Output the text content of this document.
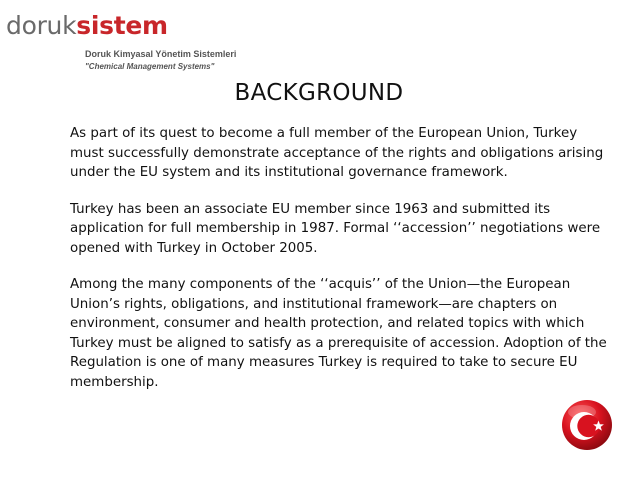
doruksistem
Doruk Kimyasal Yönetim Sistemleri
"Chemical Management Systems"
BACKGROUND

As part of its quest to become a full member of the European Union, Turkey must successfully demonstrate acceptance of the rights and obligations arising under the EU system and its institutional governance framework.

Turkey has been an associate EU member since 1963 and submitted its application for full membership in 1987. Formal ‘‘accession’’ negotiations were opened with Turkey in October 2005.

Among the many components of the ‘‘acquis’’ of the Union—the European Union’s rights, obligations, and institutional framework—are chapters on environment, consumer and health protection, and related topics with which Turkey must be aligned to satisfy as a prerequisite of accession. Adoption of the Regulation is one of many measures Turkey is required to take to secure EU membership.
